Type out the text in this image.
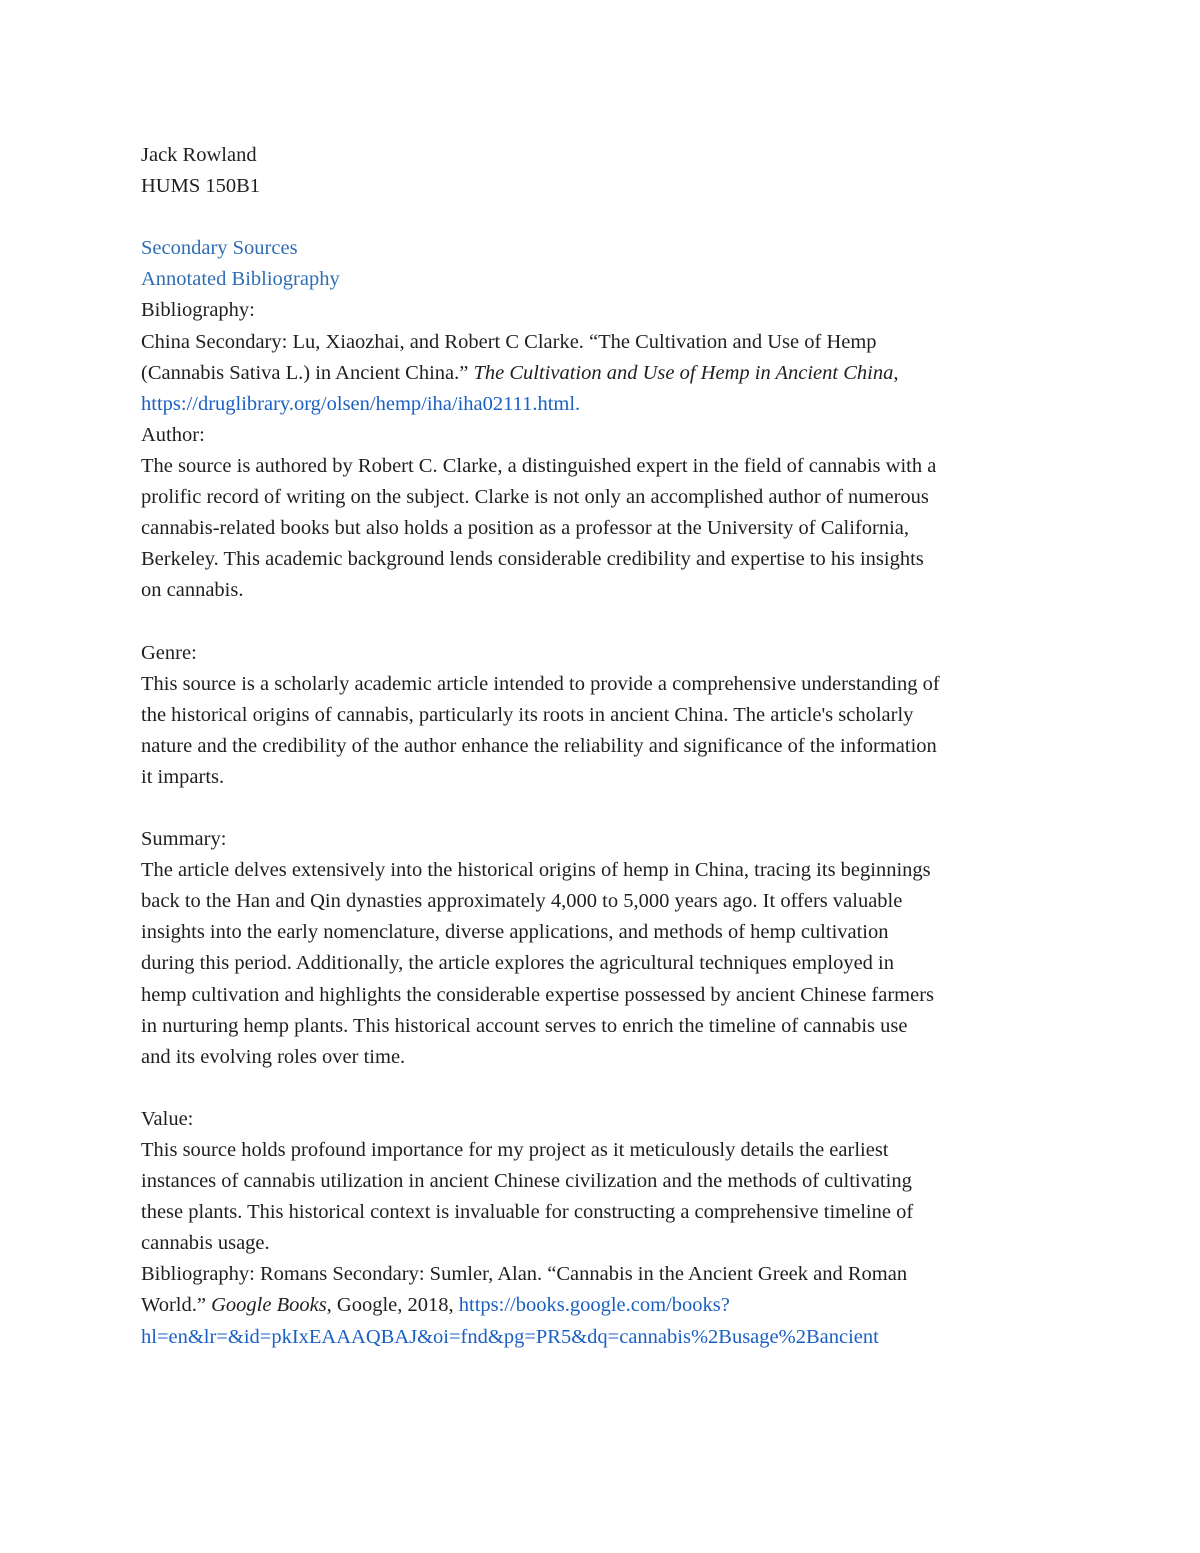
Jack Rowland
HUMS 150B1
Secondary Sources
Annotated Bibliography
Bibliography:
China Secondary: Lu, Xiaozhai, and Robert C Clarke. “The Cultivation and Use of Hemp
(Cannabis Sativa L.) in Ancient China.” The Cultivation and Use of Hemp in Ancient China,
https://druglibrary.org/olsen/hemp/iha/iha02111.html.
Author:
The source is authored by Robert C. Clarke, a distinguished expert in the field of cannabis with a
prolific record of writing on the subject. Clarke is not only an accomplished author of numerous
cannabis-related books but also holds a position as a professor at the University of California,
Berkeley. This academic background lends considerable credibility and expertise to his insights
on cannabis.
Genre:
This source is a scholarly academic article intended to provide a comprehensive understanding of
the historical origins of cannabis, particularly its roots in ancient China. The article's scholarly
nature and the credibility of the author enhance the reliability and significance of the information
it imparts.
Summary:
The article delves extensively into the historical origins of hemp in China, tracing its beginnings
back to the Han and Qin dynasties approximately 4,000 to 5,000 years ago. It offers valuable
insights into the early nomenclature, diverse applications, and methods of hemp cultivation
during this period. Additionally, the article explores the agricultural techniques employed in
hemp cultivation and highlights the considerable expertise possessed by ancient Chinese farmers
in nurturing hemp plants. This historical account serves to enrich the timeline of cannabis use
and its evolving roles over time.
Value:
This source holds profound importance for my project as it meticulously details the earliest
instances of cannabis utilization in ancient Chinese civilization and the methods of cultivating
these plants. This historical context is invaluable for constructing a comprehensive timeline of
cannabis usage.
Bibliography: Romans Secondary: Sumler, Alan. “Cannabis in the Ancient Greek and Roman
World.” Google Books, Google, 2018, https://books.google.com/books?
hl=en&lr=&id=pkIxEAAAQBAJ&oi=fnd&pg=PR5&dq=cannabis%2Busage%2Bancient
